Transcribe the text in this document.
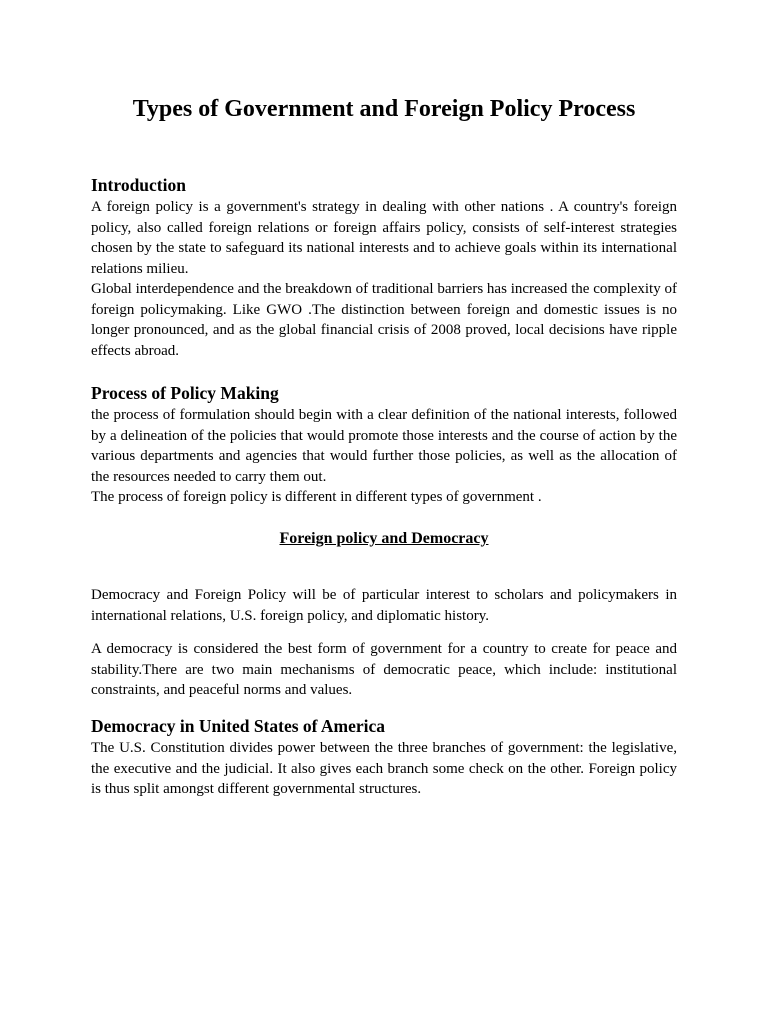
Types of Government and Foreign Policy Process
Introduction

A foreign policy is a government's strategy in dealing with other nations . A country's foreign policy, also called foreign relations or foreign affairs policy, consists of self-interest strategies chosen by the state to safeguard its national interests and to achieve goals within its international relations milieu.

Global interdependence and the breakdown of traditional barriers has increased the complexity of foreign policymaking. Like GWO .The distinction between foreign and domestic issues is no longer pronounced, and as the global financial crisis of 2008 proved, local decisions have ripple effects abroad.

Process of Policy Making

the process of formulation should begin with a clear definition of the national interests, followed by a delineation of the policies that would promote those interests and the course of action by the various departments and agencies that would further those policies, as well as the allocation of the resources needed to carry them out.

The process of foreign policy is different in different types of government .

Foreign policy and Democracy

Democracy and Foreign Policy will be of particular interest to scholars and policymakers in international relations, U.S. foreign policy, and diplomatic history.

A democracy is considered the best form of government for a country to create for peace and stability.There are two main mechanisms of democratic peace, which include: institutional constraints, and peaceful norms and values.

Democracy in United States of America

The U.S. Constitution divides power between the three branches of government: the legislative, the executive and the judicial. It also gives each branch some check on the other. Foreign policy is thus split amongst different governmental structures.
